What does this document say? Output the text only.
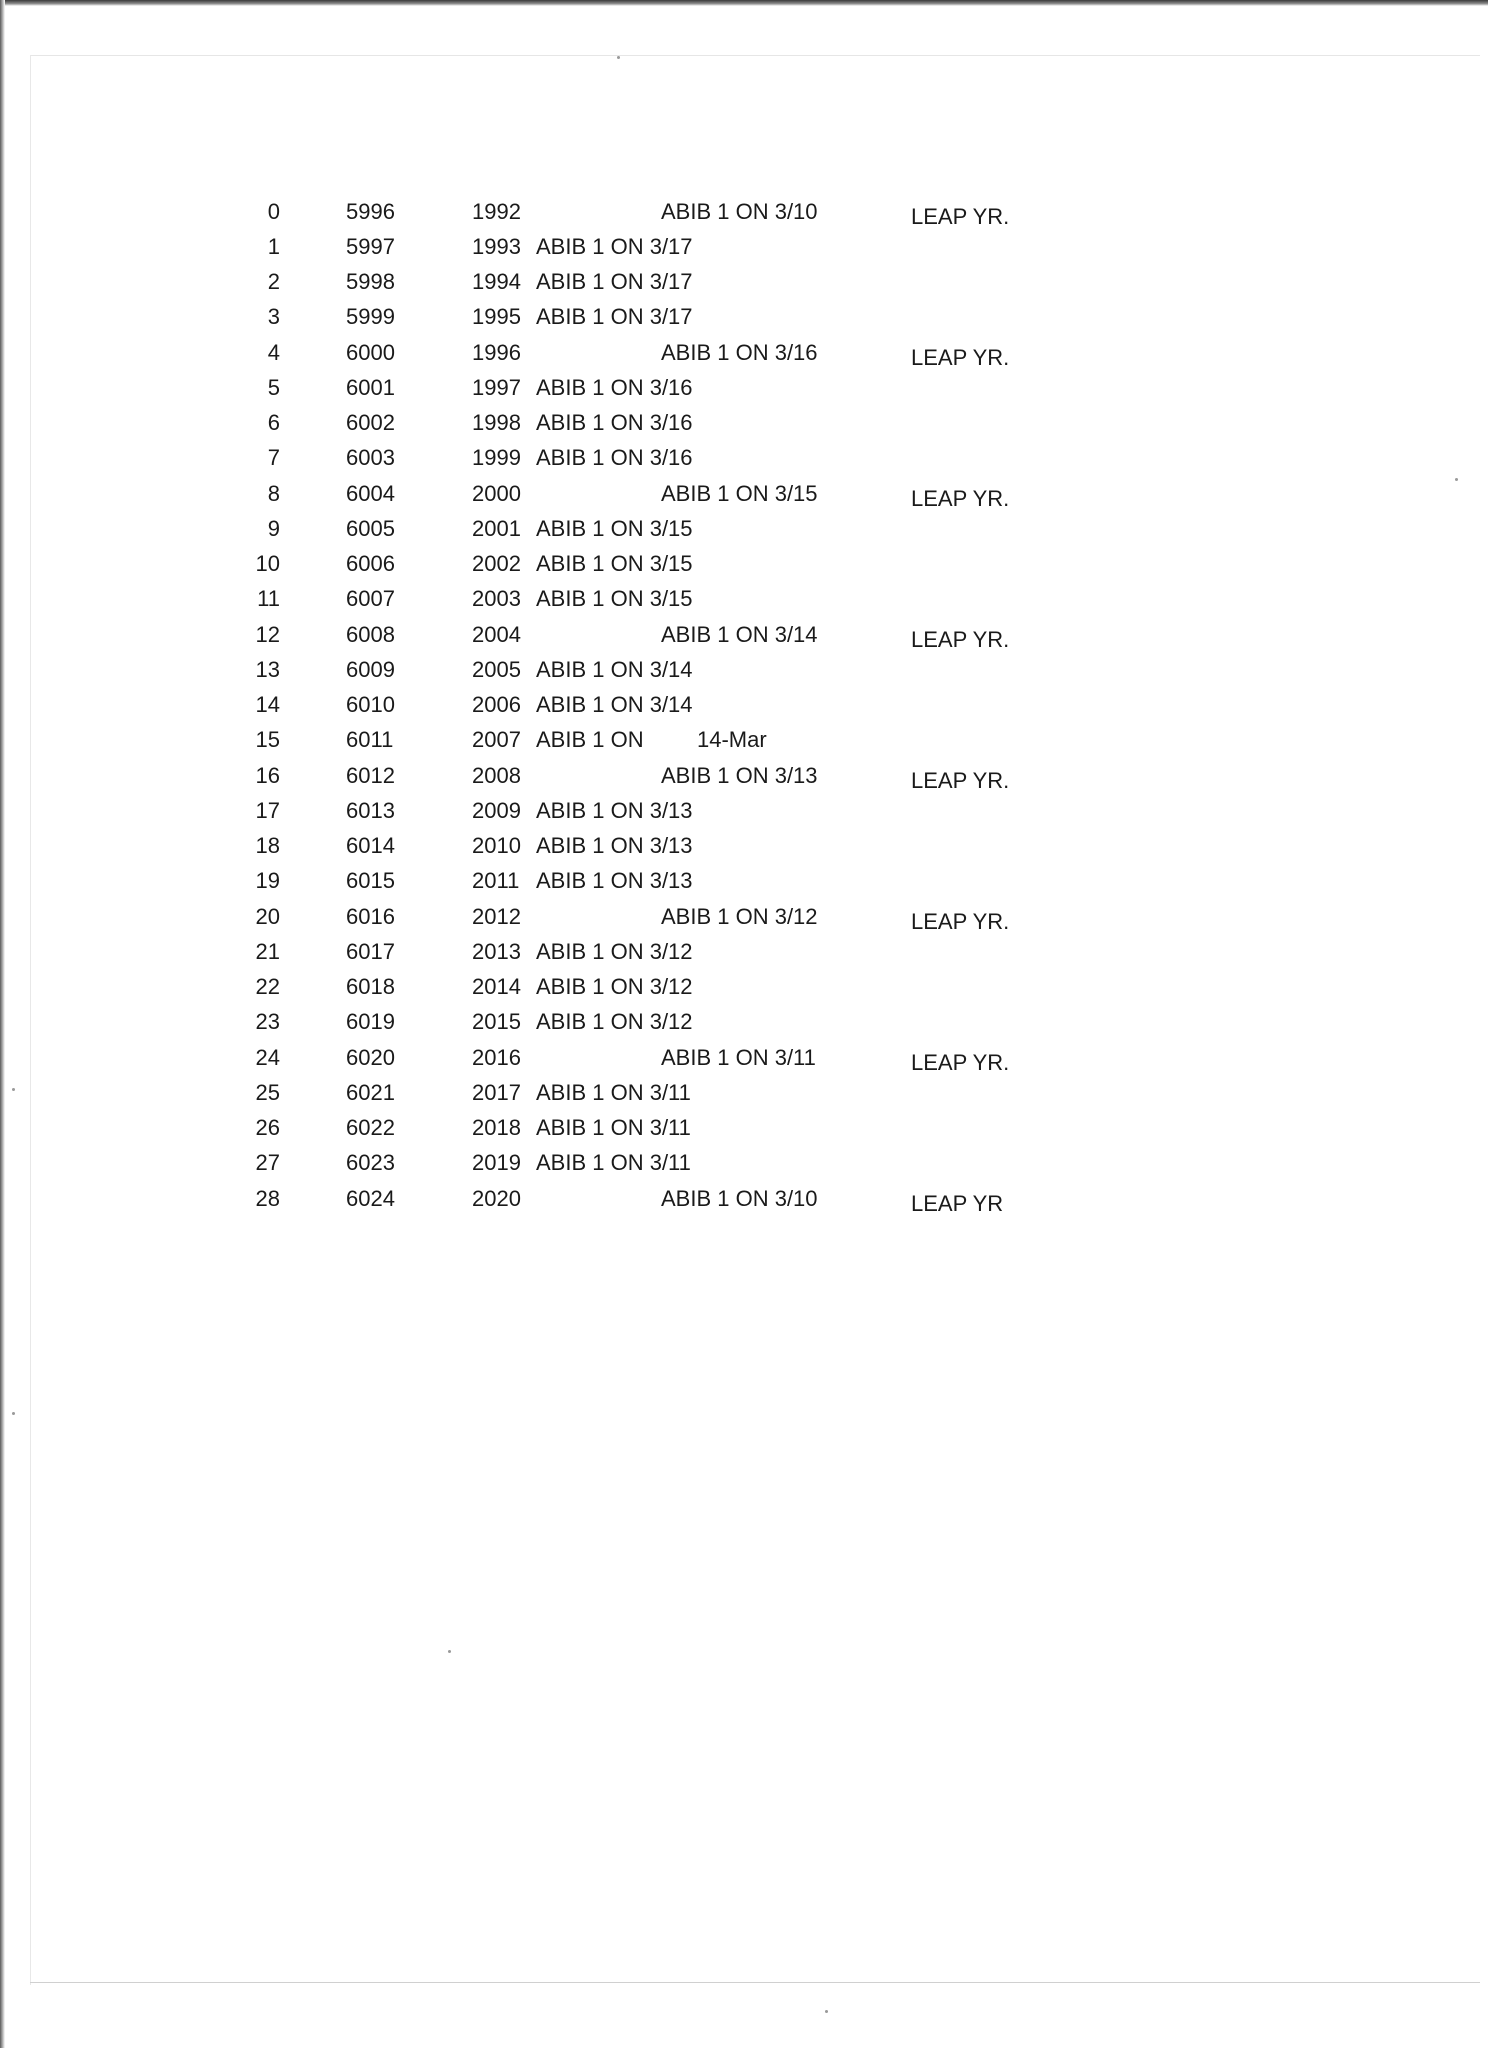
0	5996	1992	ABIB 1 ON 3/10	LEAP YR.
1	5997	1993 ABIB 1 ON 3/17
2	5998	1994 ABIB 1 ON 3/17
3	5999	1995 ABIB 1 ON 3/17
4	6000	1996	ABIB 1 ON 3/16	LEAP YR.
5	6001	1997 ABIB 1 ON 3/16
6	6002	1998 ABIB 1 ON 3/16
7	6003	1999 ABIB 1 ON 3/16
8	6004	2000	ABIB 1 ON 3/15	LEAP YR.
9	6005	2001 ABIB 1 ON 3/15
10	6006	2002 ABIB 1 ON 3/15
11	6007	2003 ABIB 1 ON 3/15
12	6008	2004	ABIB 1 ON 3/14	LEAP YR.
13	6009	2005 ABIB 1 ON 3/14
14	6010	2006 ABIB 1 ON 3/14
15	6011	2007 ABIB 1 ON 14-Mar
16	6012	2008	ABIB 1 ON 3/13	LEAP YR.
17	6013	2009 ABIB 1 ON 3/13
18	6014	2010 ABIB 1 ON 3/13
19	6015	2011 ABIB 1 ON 3/13
20	6016	2012	ABIB 1 ON 3/12	LEAP YR.
21	6017	2013 ABIB 1 ON 3/12
22	6018	2014 ABIB 1 ON 3/12
23	6019	2015 ABIB 1 ON 3/12
24	6020	2016	ABIB 1 ON 3/11	LEAP YR.
25	6021	2017 ABIB 1 ON 3/11
26	6022	2018 ABIB 1 ON 3/11
27	6023	2019 ABIB 1 ON 3/11
28	6024	2020	ABIB 1 ON 3/10	LEAP YR
